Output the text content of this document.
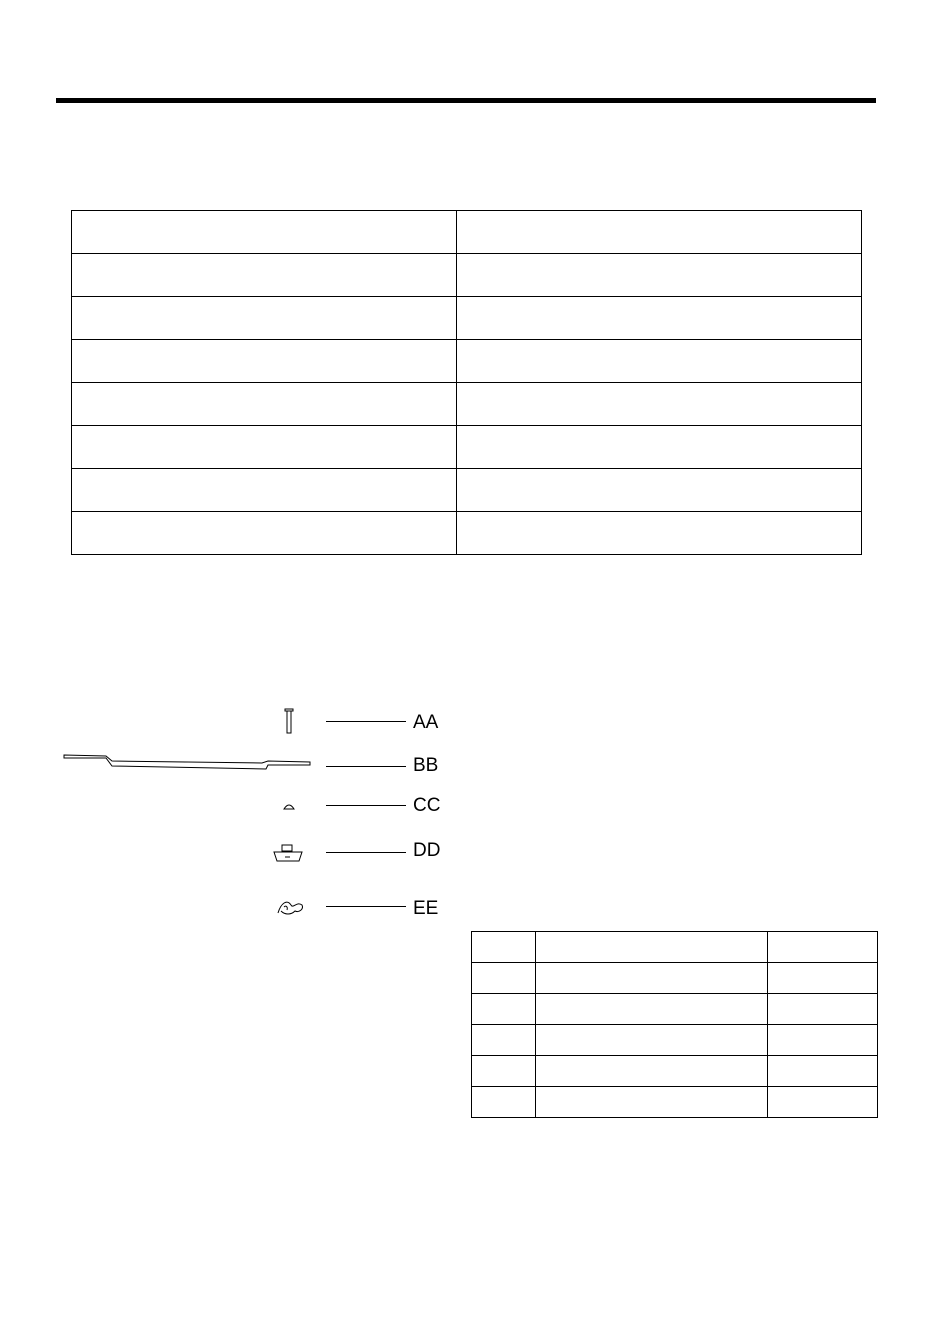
AA
BB
CC
DD
EE
